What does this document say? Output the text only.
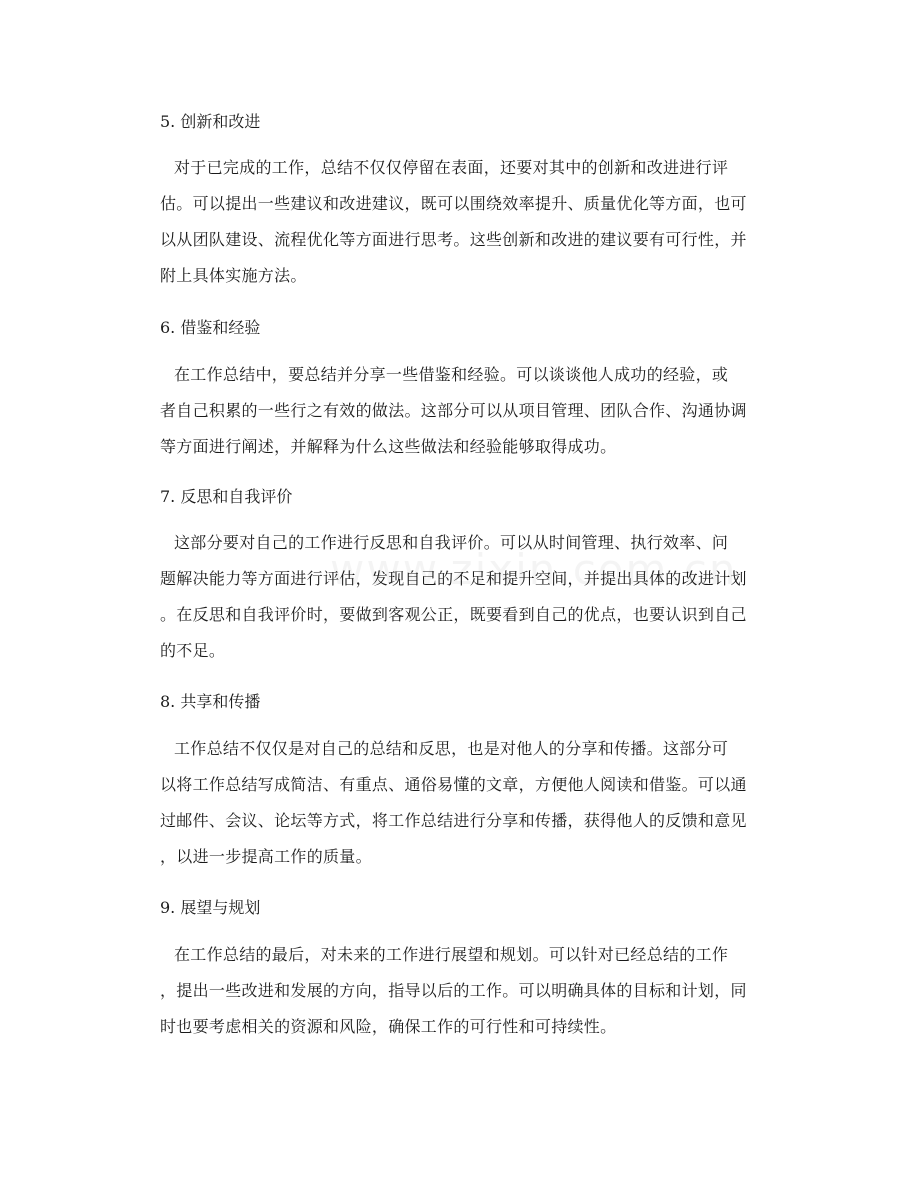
5. 创新和改进
对于已完成的工作，总结不仅仅停留在表面，还要对其中的创新和改进进行评
估。可以提出一些建议和改进建议，既可以围绕效率提升、质量优化等方面，也可
以从团队建设、流程优化等方面进行思考。这些创新和改进的建议要有可行性，并
附上具体实施方法。
6. 借鉴和经验
在工作总结中，要总结并分享一些借鉴和经验。可以谈谈他人成功的经验，或
者自己积累的一些行之有效的做法。这部分可以从项目管理、团队合作、沟通协调
等方面进行阐述，并解释为什么这些做法和经验能够取得成功。
7. 反思和自我评价
这部分要对自己的工作进行反思和自我评价。可以从时间管理、执行效率、问
题解决能力等方面进行评估，发现自己的不足和提升空间，并提出具体的改进计划
。在反思和自我评价时，要做到客观公正，既要看到自己的优点，也要认识到自己
的不足。
8. 共享和传播
工作总结不仅仅是对自己的总结和反思，也是对他人的分享和传播。这部分可
以将工作总结写成简洁、有重点、通俗易懂的文章，方便他人阅读和借鉴。可以通
过邮件、会议、论坛等方式，将工作总结进行分享和传播，获得他人的反馈和意见
，以进一步提高工作的质量。
9. 展望与规划
在工作总结的最后，对未来的工作进行展望和规划。可以针对已经总结的工作
，提出一些改进和发展的方向，指导以后的工作。可以明确具体的目标和计划，同
时也要考虑相关的资源和风险，确保工作的可行性和可持续性。
